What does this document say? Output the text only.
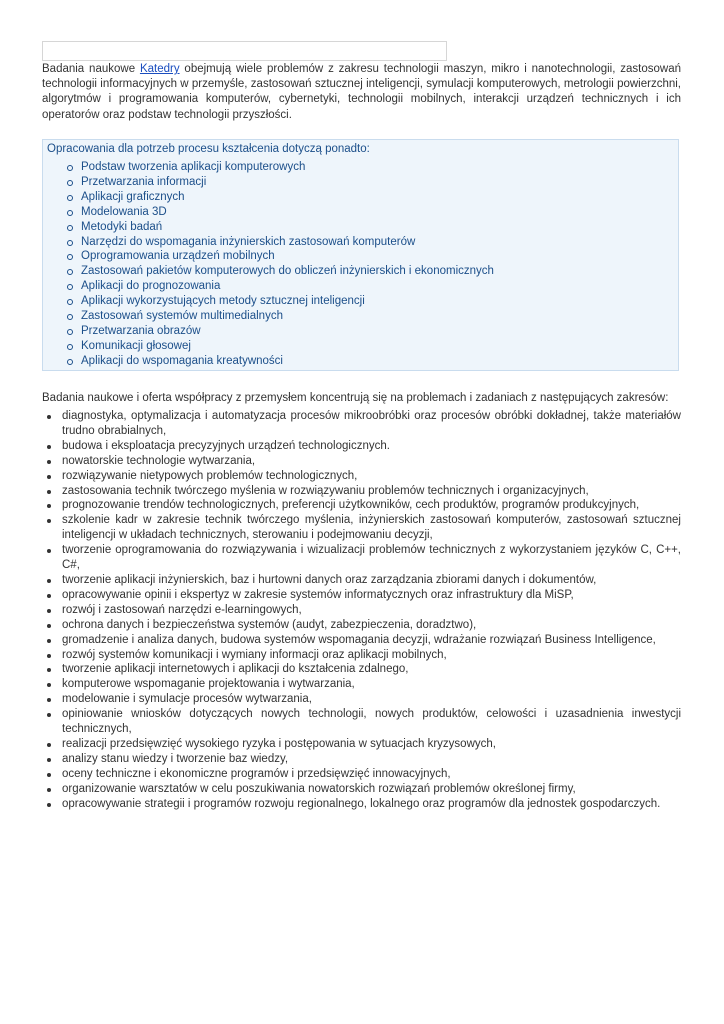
Badania naukowe Katedry obejmują wiele problemów z zakresu technologii maszyn, mikro i nanotechnologii, zastosowań technologii informacyjnych w przemyśle, zastosowań sztucznej inteligencji, symulacji komputerowych, metrologii powierzchni, algorytmów i programowania komputerów, cybernetyki, technologii mobilnych, interakcji urządzeń technicznych i ich operatorów oraz podstaw technologii przyszłości.

Opracowania dla potrzeb procesu kształcenia dotyczą ponadto:

Podstaw tworzenia aplikacji komputerowych
Przetwarzania informacji
Aplikacji graficznych
Modelowania 3D
Metodyki badań
Narzędzi do wspomagania inżynierskich zastosowań komputerów
Oprogramowania urządzeń mobilnych
Zastosowań pakietów komputerowych do obliczeń inżynierskich i ekonomicznych
Aplikacji do prognozowania
Aplikacji wykorzystujących metody sztucznej inteligencji
Zastosowań systemów multimedialnych
Przetwarzania obrazów
Komunikacji głosowej
Aplikacji do wspomagania kreatywności

Badania naukowe i oferta współpracy z przemysłem koncentrują się na problemach i zadaniach z następujących zakresów:

diagnostyka, optymalizacja i automatyzacja procesów mikroobróbki oraz procesów obróbki dokładnej, także materiałów trudno obrabialnych,
budowa i eksploatacja precyzyjnych urządzeń technologicznych.
nowatorskie technologie wytwarzania,
rozwiązywanie nietypowych problemów technologicznych,
zastosowania technik twórczego myślenia w rozwiązywaniu problemów technicznych i organizacyjnych,
prognozowanie trendów technologicznych, preferencji użytkowników, cech produktów, programów produkcyjnych,
szkolenie kadr w zakresie technik twórczego myślenia, inżynierskich zastosowań komputerów, zastosowań sztucznej inteligencji w układach technicznych, sterowaniu i podejmowaniu decyzji,
tworzenie oprogramowania do rozwiązywania i wizualizacji problemów technicznych z wykorzystaniem języków C, C++, C#,
tworzenie aplikacji inżynierskich, baz i hurtowni danych oraz zarządzania zbiorami danych i dokumentów,
opracowywanie opinii i ekspertyz w zakresie systemów informatycznych oraz infrastruktury dla MiSP,
rozwój i zastosowań narzędzi e-learningowych,
ochrona danych i bezpieczeństwa systemów (audyt, zabezpieczenia, doradztwo),
gromadzenie i analiza danych, budowa systemów wspomagania decyzji, wdrażanie rozwiązań Business Intelligence,
rozwój systemów komunikacji i wymiany informacji oraz aplikacji mobilnych,
tworzenie aplikacji internetowych i aplikacji do kształcenia zdalnego,
komputerowe wspomaganie projektowania i wytwarzania,
modelowanie i symulacje procesów wytwarzania,
opiniowanie wniosków dotyczących nowych technologii, nowych produktów, celowości i uzasadnienia inwestycji technicznych,
realizacji przedsięwzięć wysokiego ryzyka i postępowania w sytuacjach kryzysowych,
analizy stanu wiedzy i tworzenie baz wiedzy,
oceny techniczne i ekonomiczne programów i przedsięwzięć innowacyjnych,
organizowanie warsztatów w celu poszukiwania nowatorskich rozwiązań problemów określonej firmy,
opracowywanie strategii i programów rozwoju regionalnego, lokalnego oraz programów dla jednostek gospodarczych.
